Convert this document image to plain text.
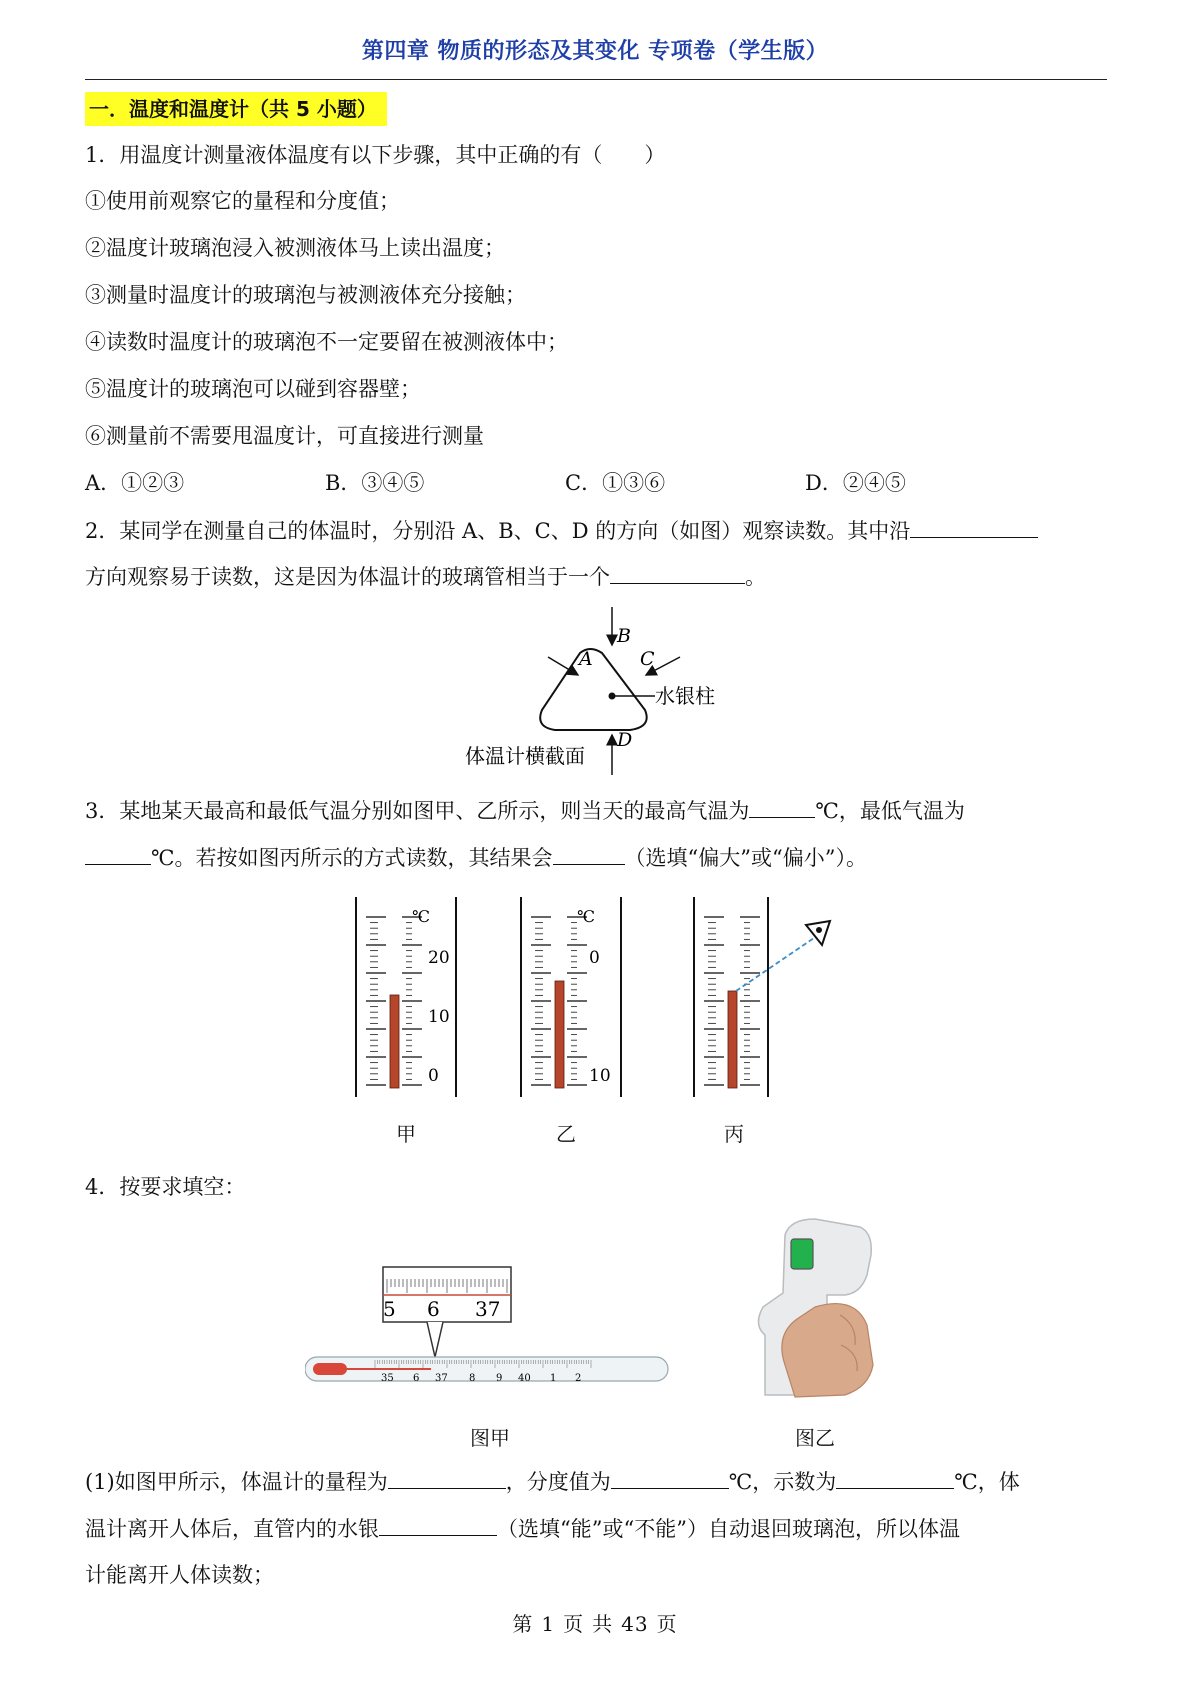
第四章 物质的形态及其变化 专项卷（学生版）
一．温度和温度计（共 5 小题）
1．用温度计测量液体温度有以下步骤，其中正确的有（　　）
①使用前观察它的量程和分度值；
②温度计玻璃泡浸入被测液体马上读出温度；
③测量时温度计的玻璃泡与被测液体充分接触；
④读数时温度计的玻璃泡不一定要留在被测液体中；
⑤温度计的玻璃泡可以碰到容器壁；
⑥测量前不需要甩温度计，可直接进行测量
A．①②③	B．③④⑤	C．①③⑥	D．②④⑤
2．某同学在测量自己的体温时，分别沿 A、B、C、D 的方向（如图）观察读数。其中沿
方向观察易于读数，这是因为体温计的玻璃管相当于一个	。
A
B
C
D
水银柱
体温计横截面
3．某地某天最高和最低气温分别如图甲、乙所示，则当天的最高气温为	℃，最低气温为
℃。若按如图丙所示的方式读数，其结果会	（选填“偏大”或“偏小”）。
℃
20
10
0
甲
℃
0
10
乙	丙
4．按要求填空：
5 6 37
35 6 37 8 9 40 1 2
图甲	图乙
(1)如图甲所示，体温计的量程为	，分度值为	℃，示数为	℃，体
温计离开人体后，直管内的水银	（选填“能”或“不能”）自动退回玻璃泡，所以体温
计能离开人体读数；
第 1 页 共 43 页
